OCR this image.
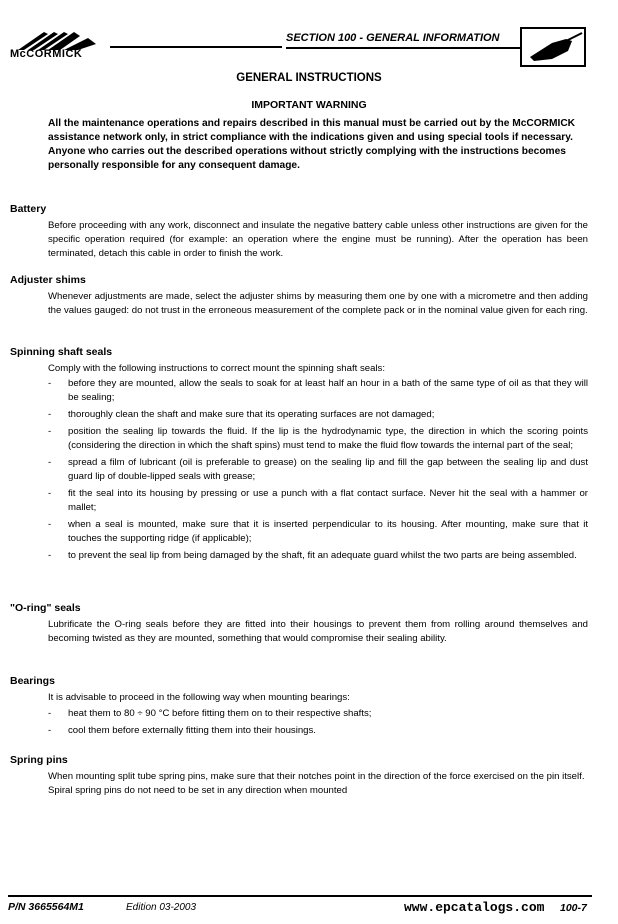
McCORMICK
SECTION 100 - GENERAL INFORMATION
GENERAL INSTRUCTIONS
IMPORTANT WARNING

All the maintenance operations and repairs described in this manual must be carried out by the McCORMICK assistance network only, in strict compliance with the indications given and using special tools if necessary.

Anyone who carries out the described operations without strictly complying with the instructions becomes personally responsible for any consequent damage.

Battery

Before proceeding with any work, disconnect and insulate the negative battery cable unless other instructions are given for the specific operation required (for example: an operation where the engine must be running). After the operation has been terminated, detach this cable in order to finish the work.

Adjuster shims

Whenever adjustments are made, select the adjuster shims by measuring them one by one with a micrometre and then adding the values gauged: do not trust in the erroneous measurement of the complete pack or in the nominal value given for each ring.

Spinning shaft seals

Comply with the following instructions to correct mount the spinning shaft seals:

- before they are mounted, allow the seals to soak for at least half an hour in a bath of the same type of oil as that they will be sealing;
- thoroughly clean the shaft and make sure that its operating surfaces are not damaged;
- position the sealing lip towards the fluid. If the lip is the hydrodynamic type, the direction in which the scoring points (considering the direction in which the shaft spins) must tend to make the fluid flow towards the internal part of the seal;
- spread a film of lubricant (oil is preferable to grease) on the sealing lip and fill the gap between the sealing lip and dust guard lip of double-lipped seals with grease;
- fit the seal into its housing by pressing or use a punch with a flat contact surface. Never hit the seal with a hammer or mallet;
- when a seal is mounted, make sure that it is inserted perpendicular to its housing. After mounting, make sure that it touches the supporting ridge (if applicable);
- to prevent the seal lip from being damaged by the shaft, fit an adequate guard whilst the two parts are being assembled.
"O-ring" seals

Lubrificate the O-ring seals before they are fitted into their housings to prevent them from rolling around themselves and becoming twisted as they are mounted, something that would compromise their sealing ability.

Bearings

It is advisable to proceed in the following way when mounting bearings:

- heat them to 80 ÷ 90 °C before fitting them on to their respective shafts;
- cool them before externally fitting them into their housings.
Spring pins

When mounting split tube spring pins, make sure that their notches point in the direction of the force exercised on the pin itself.

Spiral spring pins do not need to be set in any direction when mounted

P/N 3665564M1	Edition 03-2003	www.epcatalogs.com 100-7
